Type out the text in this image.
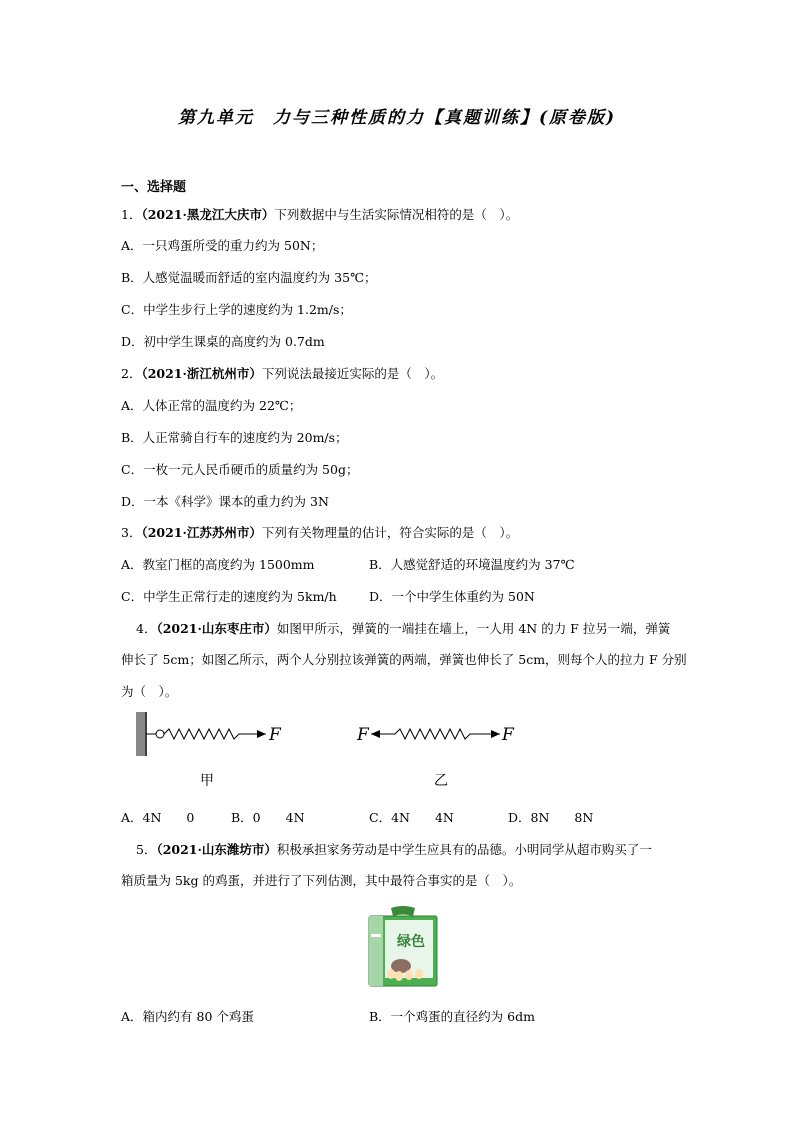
第九单元　力与三种性质的力【真题训练】(原卷版)
一、选择题
1．（2021·黑龙江大庆市）下列数据中与生活实际情况相符的是（　）。
A．一只鸡蛋所受的重力约为 50N；
B．人感觉温暖而舒适的室内温度约为 35℃；
C．中学生步行上学的速度约为 1.2m/s；
D．初中学生课桌的高度约为 0.7dm
2．（2021·浙江杭州市）下列说法最接近实际的是（　）。
A．人体正常的温度约为 22℃；
B．人正常骑自行车的速度约为 20m/s；
C．一枚一元人民币硬币的质量约为 50g；
D．一本《科学》课本的重力约为 3N
3．（2021·江苏苏州市）下列有关物理量的估计，符合实际的是（　）。
A．教室门框的高度约为 1500mm	B．人感觉舒适的环境温度约为 37℃
C．中学生正常行走的速度约为 5km/h	D．一个中学生体重约为 50N
4．（2021·山东枣庄市）如图甲所示，弹簧的一端挂在墙上，一人用 4N 的力 F 拉另一端，弹簧
伸长了 5cm；如图乙所示，两个人分别拉该弹簧的两端，弹簧也伸长了 5cm，则每个人的拉力 F 分别
为（　）。
F
甲
F	F
乙
A．4N　　0	B．0　　4N	C．4N　　4N	D．8N　　8N
5．（2021·山东潍坊市）积极承担家务劳动是中学生应具有的品德。小明同学从超市购买了一
箱质量为 5kg 的鸡蛋，并进行了下列估测，其中最符合事实的是（　）。
绿色
A．箱内约有 80 个鸡蛋	B．一个鸡蛋的直径约为 6dm
